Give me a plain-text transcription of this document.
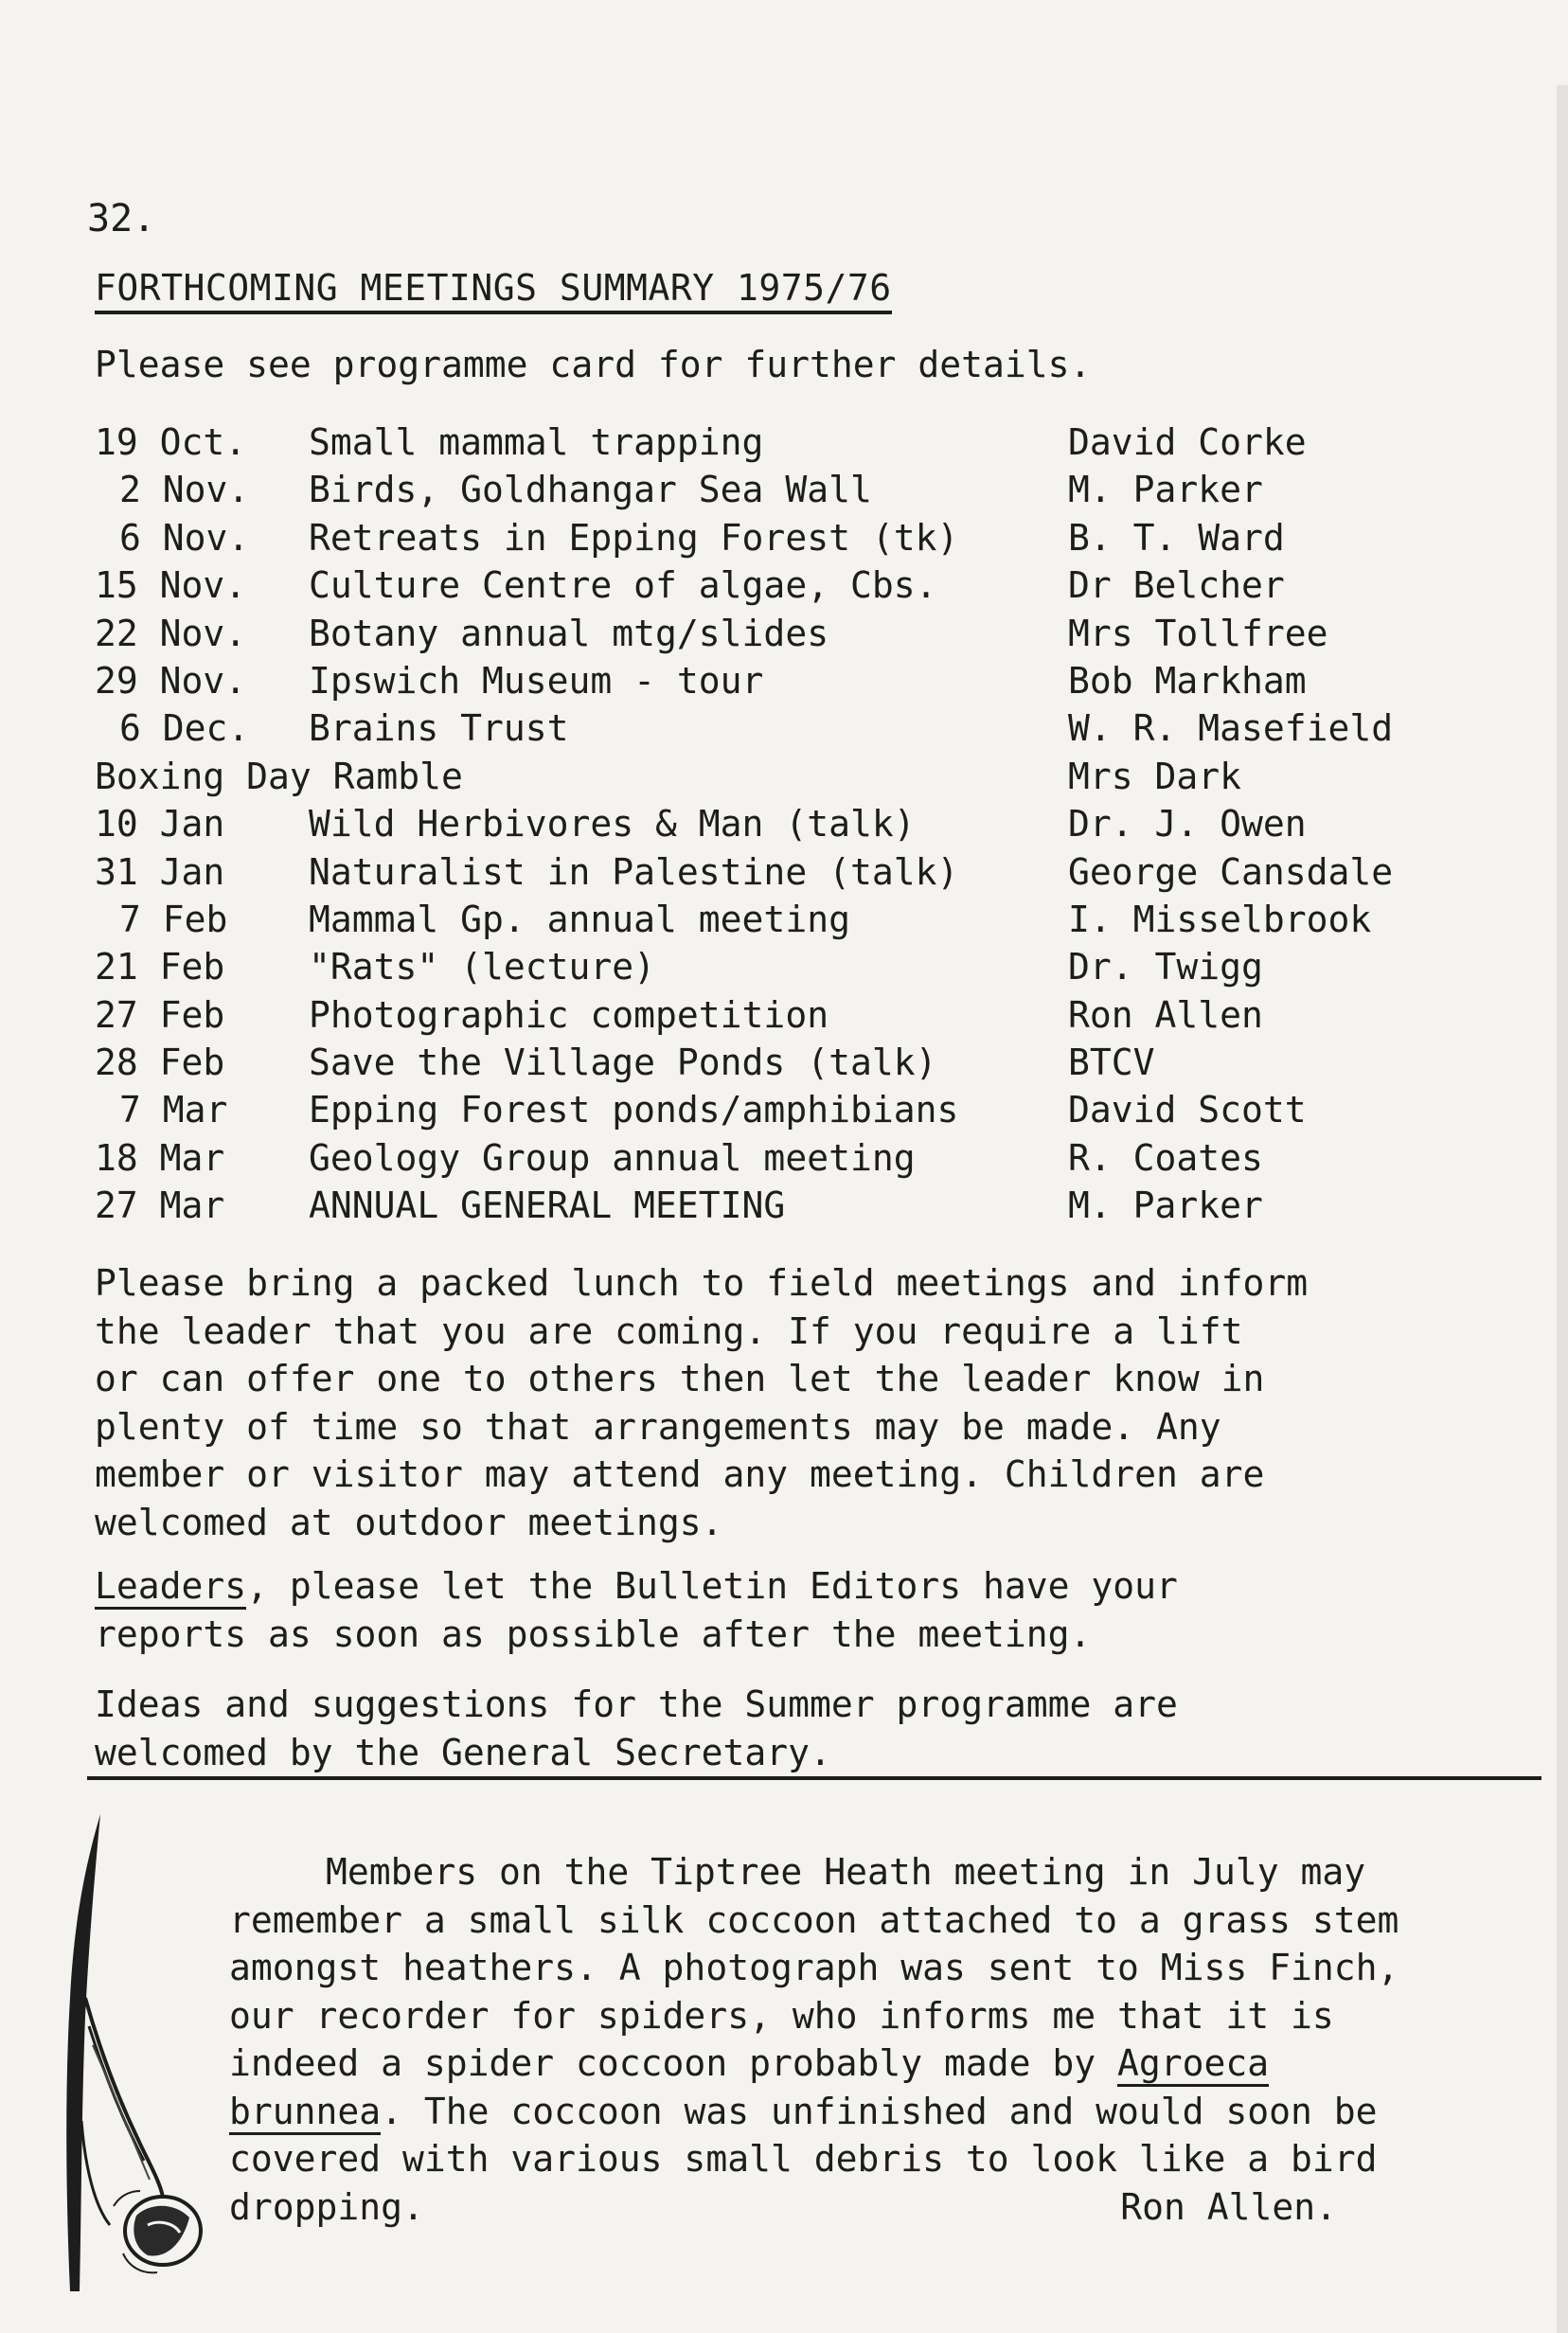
32.
FORTHCOMING MEETINGS SUMMARY 1975/76
Please see programme card for further details.
19 Oct. Small mammal trapping	David Corke
2 Nov. Birds, Goldhangar Sea Wall	M. Parker
6 Nov. Retreats in Epping Forest (tk)	B. T. Ward
15 Nov. Culture Centre of algae, Cbs.	Dr Belcher
22 Nov. Botany annual mtg/slides	Mrs Tollfree
29 Nov. Ipswich Museum - tour	Bob Markham
6 Dec. Brains Trust	W. R. Masefield
Boxing Day Ramble	Mrs Dark
10 Jan Wild Herbivores & Man (talk)	Dr. J. Owen
31 Jan Naturalist in Palestine (talk)	George Cansdale
7 Feb Mammal Gp. annual meeting	I. Misselbrook
21 Feb "Rats" (lecture)	Dr. Twigg
27 Feb Photographic competition	Ron Allen
28 Feb Save the Village Ponds (talk)	BTCV
7 Mar Epping Forest ponds/amphibians	David Scott
18 Mar Geology Group annual meeting	R. Coates
27 Mar ANNUAL GENERAL MEETING	M. Parker
Please bring a packed lunch to field meetings and inform
the leader that you are coming. If you require a lift
or can offer one to others then let the leader know in
plenty of time so that arrangements may be made. Any
member or visitor may attend any meeting. Children are
welcomed at outdoor meetings.
Leaders, please let the Bulletin Editors have your
reports as soon as possible after the meeting.
Ideas and suggestions for the Summer programme are
welcomed by the General Secretary.
Members on the Tiptree Heath meeting in July may
remember a small silk coccoon attached to a grass stem
amongst heathers. A photograph was sent to Miss Finch,
our recorder for spiders, who informs me that it is
indeed a spider coccoon probably made by Agroeca
brunnea. The coccoon was unfinished and would soon be
covered with various small debris to look like a bird
dropping.	Ron Allen.
